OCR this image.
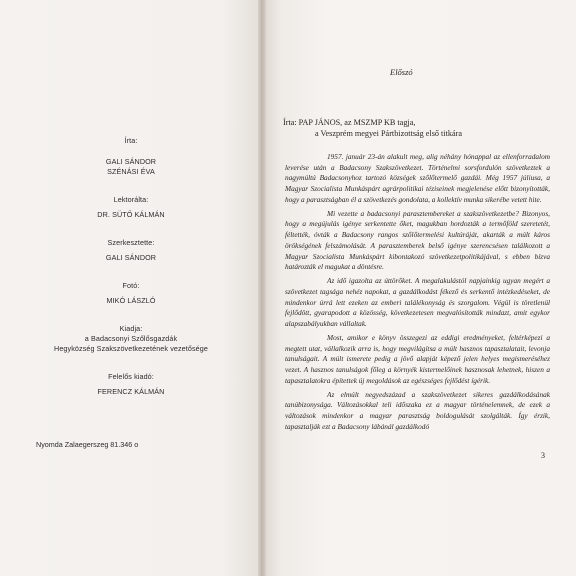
Írta:
GALI SÁNDOR
SZÉNÁSI ÉVA
Lektorálta:
DR. SÜTŐ KÁLMÁN
Szerkesztette:
GALI SÁNDOR
Fotó:
MIKÓ LÁSZLÓ
Kiadja:
a Badacsonyi Szőlősgazdák
Hegyközség Szakszövetkezetének vezetősége
Felelős kiadó:
FERENCZ KÁLMÁN
Nyomda Zalaegerszeg 81.346 o
Előszó
Írta: PAP JÁNOS, az MSZMP KB tagja,
a Veszprém megyei Pártbizottság első titkára

1957. január 23-án alakult meg, alig néhány hónappal az ellenforradalom leverése után a Badacsony Szakszövetkezet. Történelmi sorsfordulón szövetkeztek a nagymúltú Badacsonyhoz tartozó községek szőlőtermelő gazdái. Még 1957 júliusa, a Magyar Szocialista Munkáspárt agrárpolitikai téziseinek megjelenése előtt bizonyították, hogy a parasztságban él a szövetkezés gondolata, a kollektív munka sikerébe vetett hite.

Mi vezette a badacsonyi parasztembereket a szakszövetkezetbe? Bizonyos, hogy a megújulás igénye serkentette őket, magukban hordozták a termőföld szeretetét, féltették, óvták a Badacsony rangos szőlőtermelési kultúráját, akarták a múlt káros örökségének felszámolását. A parasztemberek belső igénye szerencsésen találkozott a Magyar Szocialista Munkáspárt kibontakozó szövetkezetpolitikájával, s ebben bízva határozták el magukat a döntésre.

Az idő igazolta az úttörőket. A megalakulástól napjainkig ugyan megért a szövetkezet tagsága nehéz napokat, a gazdálkodást fékező és serkentő intézkedéseket, de mindenkor úrrá lett ezeken az emberi találékonyság és szorgalom. Végül is töretlenül fejlődött, gyarapodott a közösség, következetesen megvalósították mindazt, amit egykor alapszabályukban vállaltak.

Most, amikor e könyv összegezi az eddigi eredményeket, feltérképezi a megtett utat, vállalkozik arra is, hogy megvilágítsa a múlt hasznos tapasztalatait, levonja tanulságait. A múlt ismerete pedig a jövő alapját képező jelen helyes megismeréséhez vezet. A hasznos tanulságok főleg a környék kistermelőinek hasznosak lehetnek, hiszen a tapasztalatokra építettek új megoldások az egészséges fejlődést ígérik.

Az elmúlt negyedszázad a szakszövetkezet sikeres gazdálkodásának tanúbizonysága. Változásokkal teli időszaka ez a magyar történelemnek, de ezek a változások mindenkor a magyar parasztság boldogulását szolgálták. Így érzik, tapasztalják ezt a Badacsony lábánál gazdálkodó

3
